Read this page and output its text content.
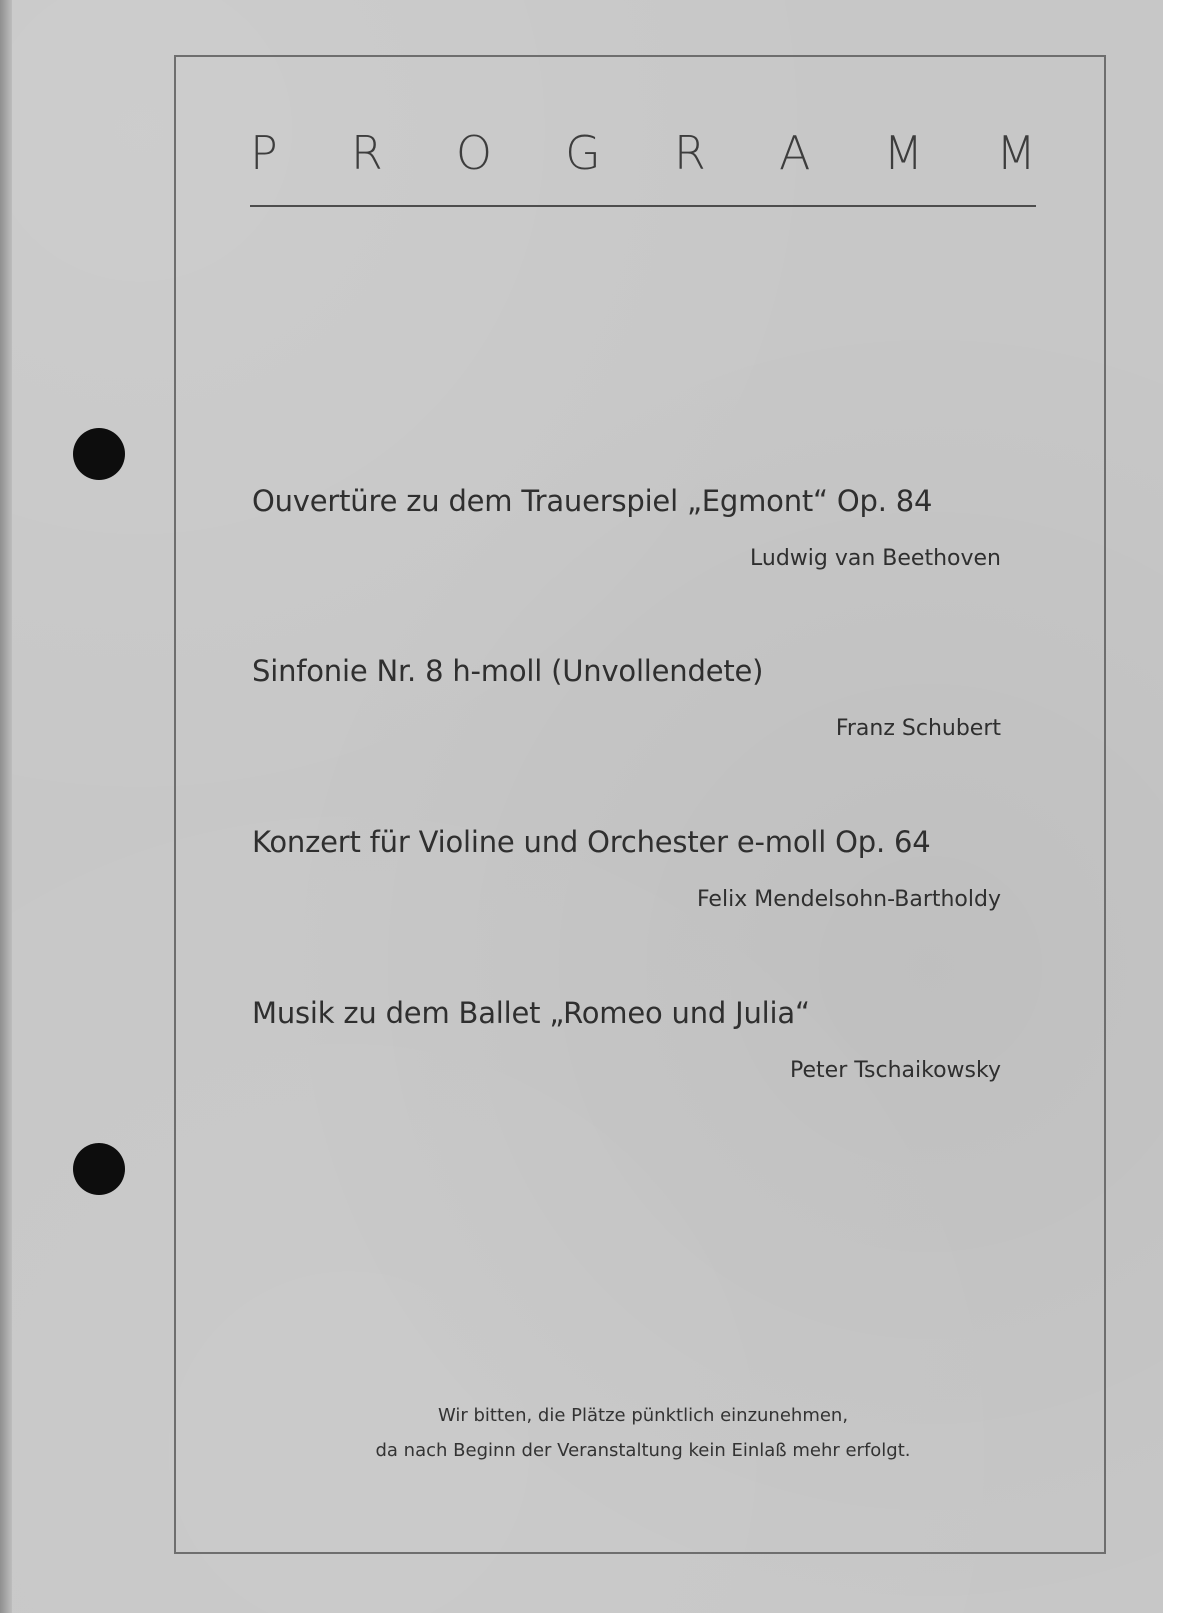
P R O G R A M M
Ouvertüre zu dem Trauerspiel „Egmont“ Op. 84
Ludwig van Beethoven
Sinfonie Nr. 8 h-moll (Unvollendete)
Franz Schubert
Konzert für Violine und Orchester e-moll Op. 64
Felix Mendelsohn-Bartholdy
Musik zu dem Ballet „Romeo und Julia“
Peter Tschaikowsky
Wir bitten, die Plätze pünktlich einzunehmen,
da nach Beginn der Veranstaltung kein Einlaß mehr erfolgt.
